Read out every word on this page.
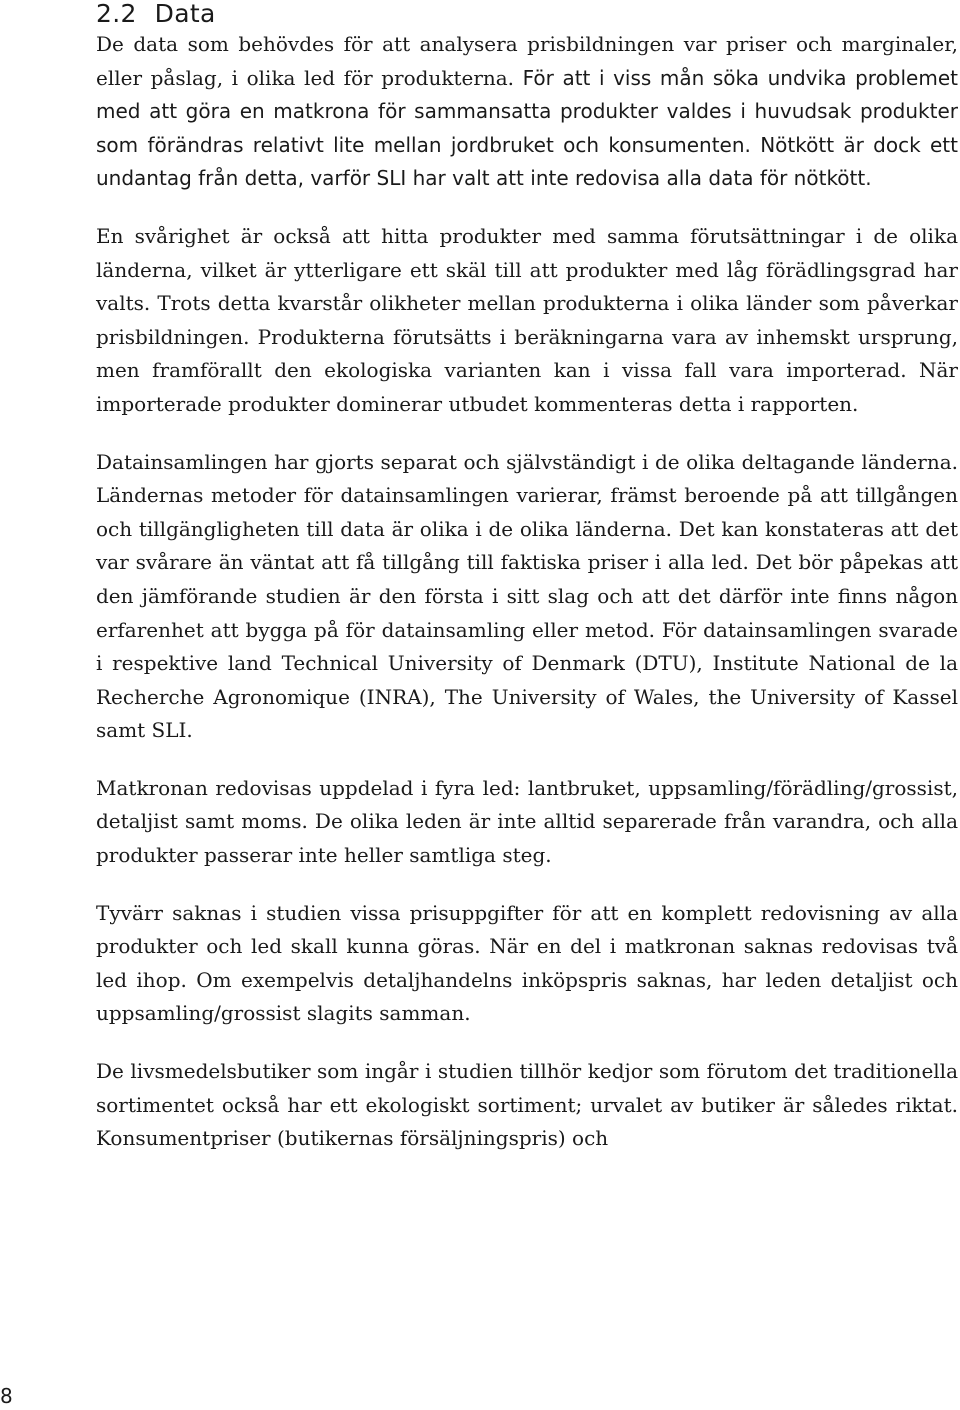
2.2 Data

De data som behövdes för att analysera prisbildningen var priser och marginaler, eller påslag, i olika led för produkterna. För att i viss mån söka undvika problemet med att göra en matkrona för sammansatta produkter valdes i huvudsak produkter som förändras relativt lite mellan jordbruket och konsumenten. Nötkött är dock ett undantag från detta, varför SLI har valt att inte redovisa alla data för nötkött.

En svårighet är också att hitta produkter med samma förutsättningar i de olika länderna, vilket är ytterligare ett skäl till att produkter med låg förädlingsgrad har valts. Trots detta kvarstår olikheter mellan produkterna i olika länder som påverkar prisbildningen. Produkterna förutsätts i beräkningarna vara av inhemskt ursprung, men framförallt den ekologiska varianten kan i vissa fall vara importerad. När importerade produkter dominerar utbudet kommenteras detta i rapporten.

Datainsamlingen har gjorts separat och självständigt i de olika deltagande länderna. Ländernas metoder för datainsamlingen varierar, främst beroende på att tillgången och tillgängligheten till data är olika i de olika länderna. Det kan konstateras att det var svårare än väntat att få tillgång till faktiska priser i alla led. Det bör påpekas att den jämförande studien är den första i sitt slag och att det därför inte finns någon erfarenhet att bygga på för datainsamling eller metod. För datainsamlingen svarade i respektive land Technical University of Denmark (DTU), Institute National de la Recherche Agronomique (INRA), The University of Wales, the University of Kassel samt SLI.

Matkronan redovisas uppdelad i fyra led: lantbruket, uppsamling/förädling/grossist, detaljist samt moms. De olika leden är inte alltid separerade från varandra, och alla produkter passerar inte heller samtliga steg.

Tyvärr saknas i studien vissa prisuppgifter för att en komplett redovisning av alla produkter och led skall kunna göras. När en del i matkronan saknas redovisas två led ihop. Om exempelvis detaljhandelns inköpspris saknas, har leden detaljist och uppsamling/grossist slagits samman.

De livsmedelsbutiker som ingår i studien tillhör kedjor som förutom det traditionella sortimentet också har ett ekologiskt sortiment; urvalet av butiker är således riktat. Konsumentpriser (butikernas försäljningspris) och

8
